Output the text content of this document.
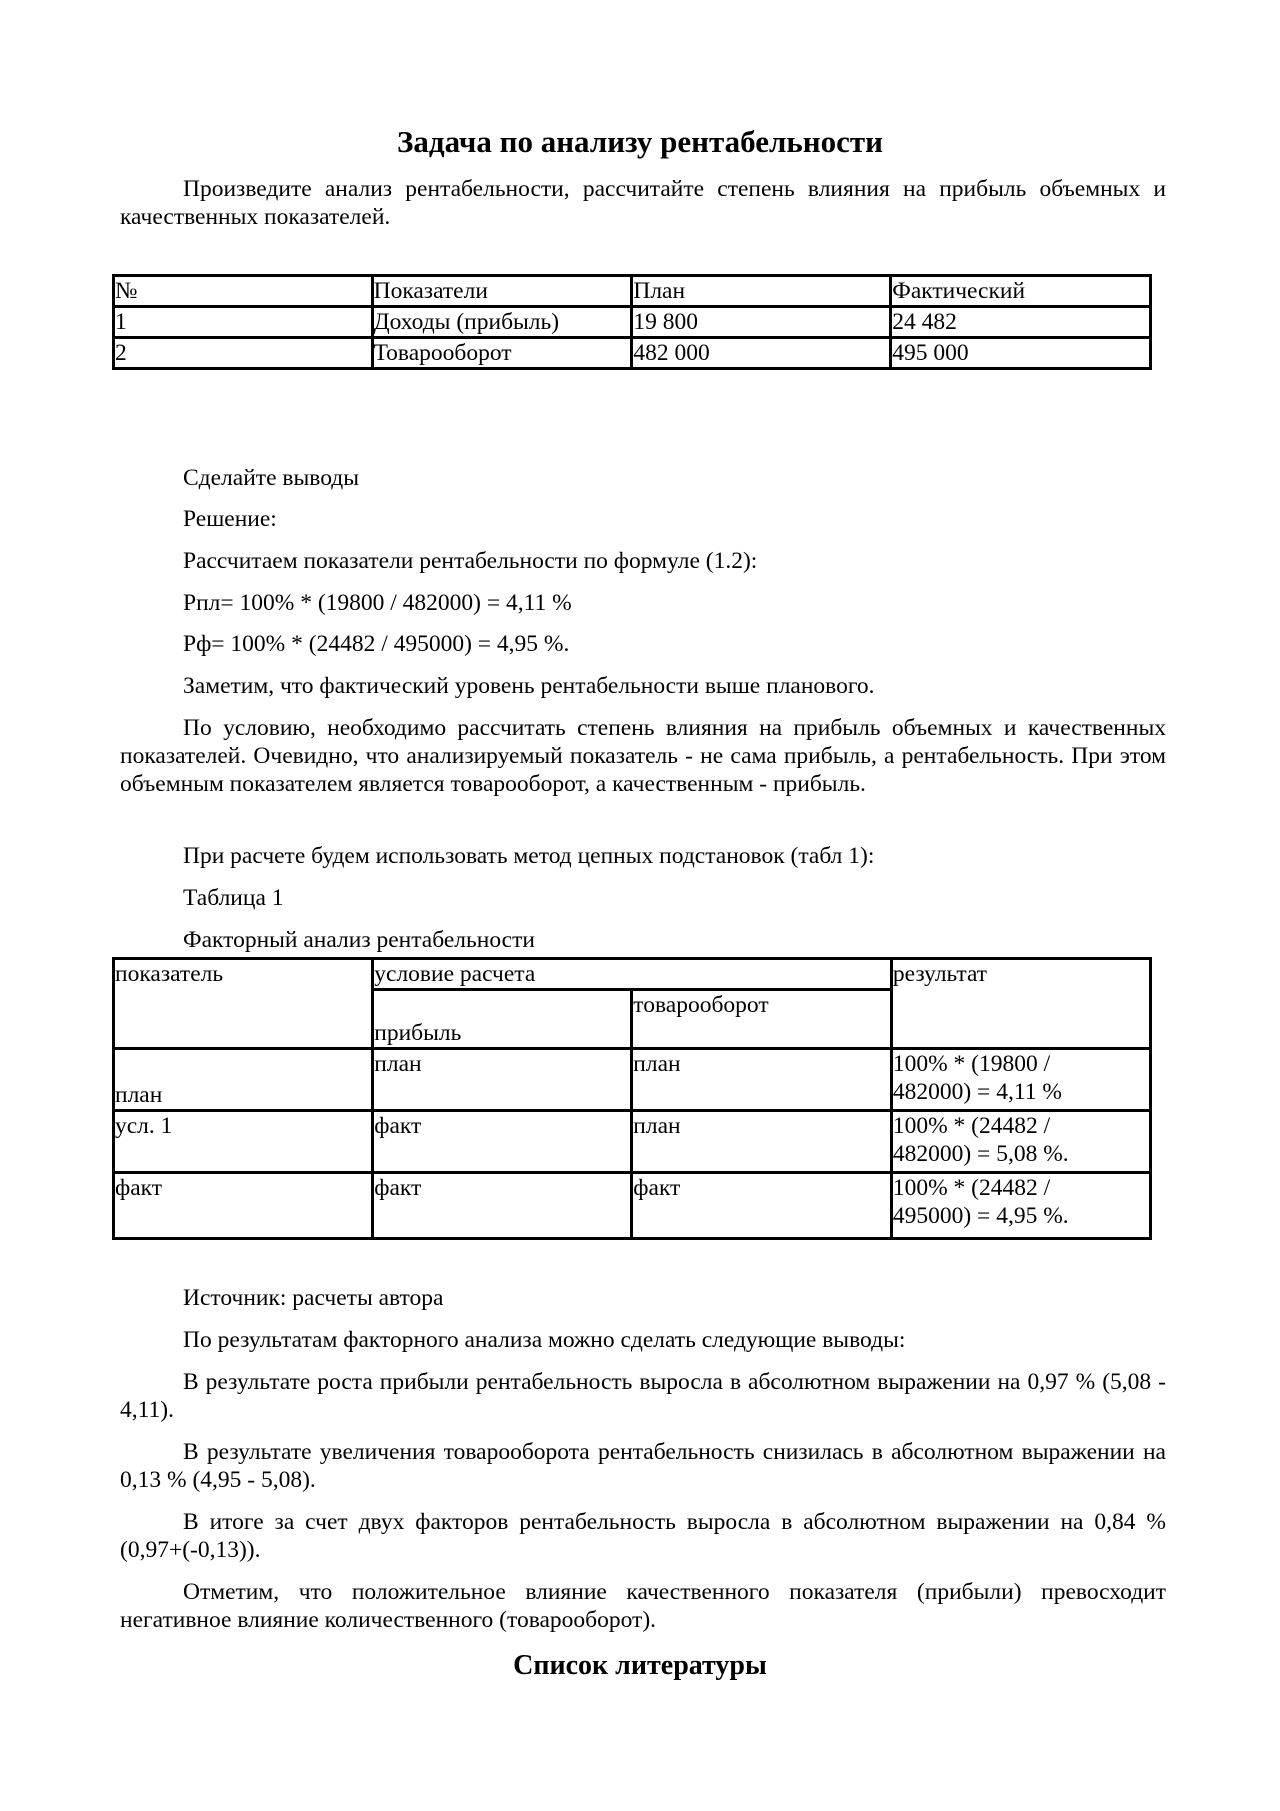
Задача по анализу рентабельности

Произведите анализ рентабельности, рассчитайте степень влияния на прибыль объемных и качественных показателей.

№	Показатели	План	Фактический
1	Доходы (прибыль)	19 800	24 482
2	Товарооборот	482 000	495 000

Сделайте выводы

Решение:

Рассчитаем показатели рентабельности по формуле (1.2):

Рпл= 100% * (19800 / 482000) = 4,11 %

Рф= 100% * (24482 / 495000) = 4,95 %.

Заметим, что фактический уровень рентабельности выше планового.

По условию, необходимо рассчитать степень влияния на прибыль объемных и качественных показателей. Очевидно, что анализируемый показатель - не сама прибыль, а рентабельность. При этом объемным показателем является товарооборот, а качественным - прибыль.

При расчете будем использовать метод цепных подстановок (табл 1):

Таблица 1

Факторный анализ рентабельности

показатель	условие расчета		результат
	прибыль	товарооборот	
план	план	план	100% * (19800 /
482000) = 4,11 %

усл. 1	факт	план	100% * (24482 /
482000) = 5,08 %.

факт	факт	факт	100% * (24482 /
495000) = 4,95 %.

Источник: расчеты автора

По результатам факторного анализа можно сделать следующие выводы:

В результате роста прибыли рентабельность выросла в абсолютном выражении на 0,97 % (5,08 - 4,11).

В результате увеличения товарооборота рентабельность снизилась в абсолютном выражении на 0,13 % (4,95 - 5,08).

В итоге за счет двух факторов рентабельность выросла в абсолютном выражении на 0,84 % (0,97+(-0,13)).

Отметим, что положительное влияние качественного показателя (прибыли) превосходит негативное влияние количественного (товарооборот).

Список литературы
